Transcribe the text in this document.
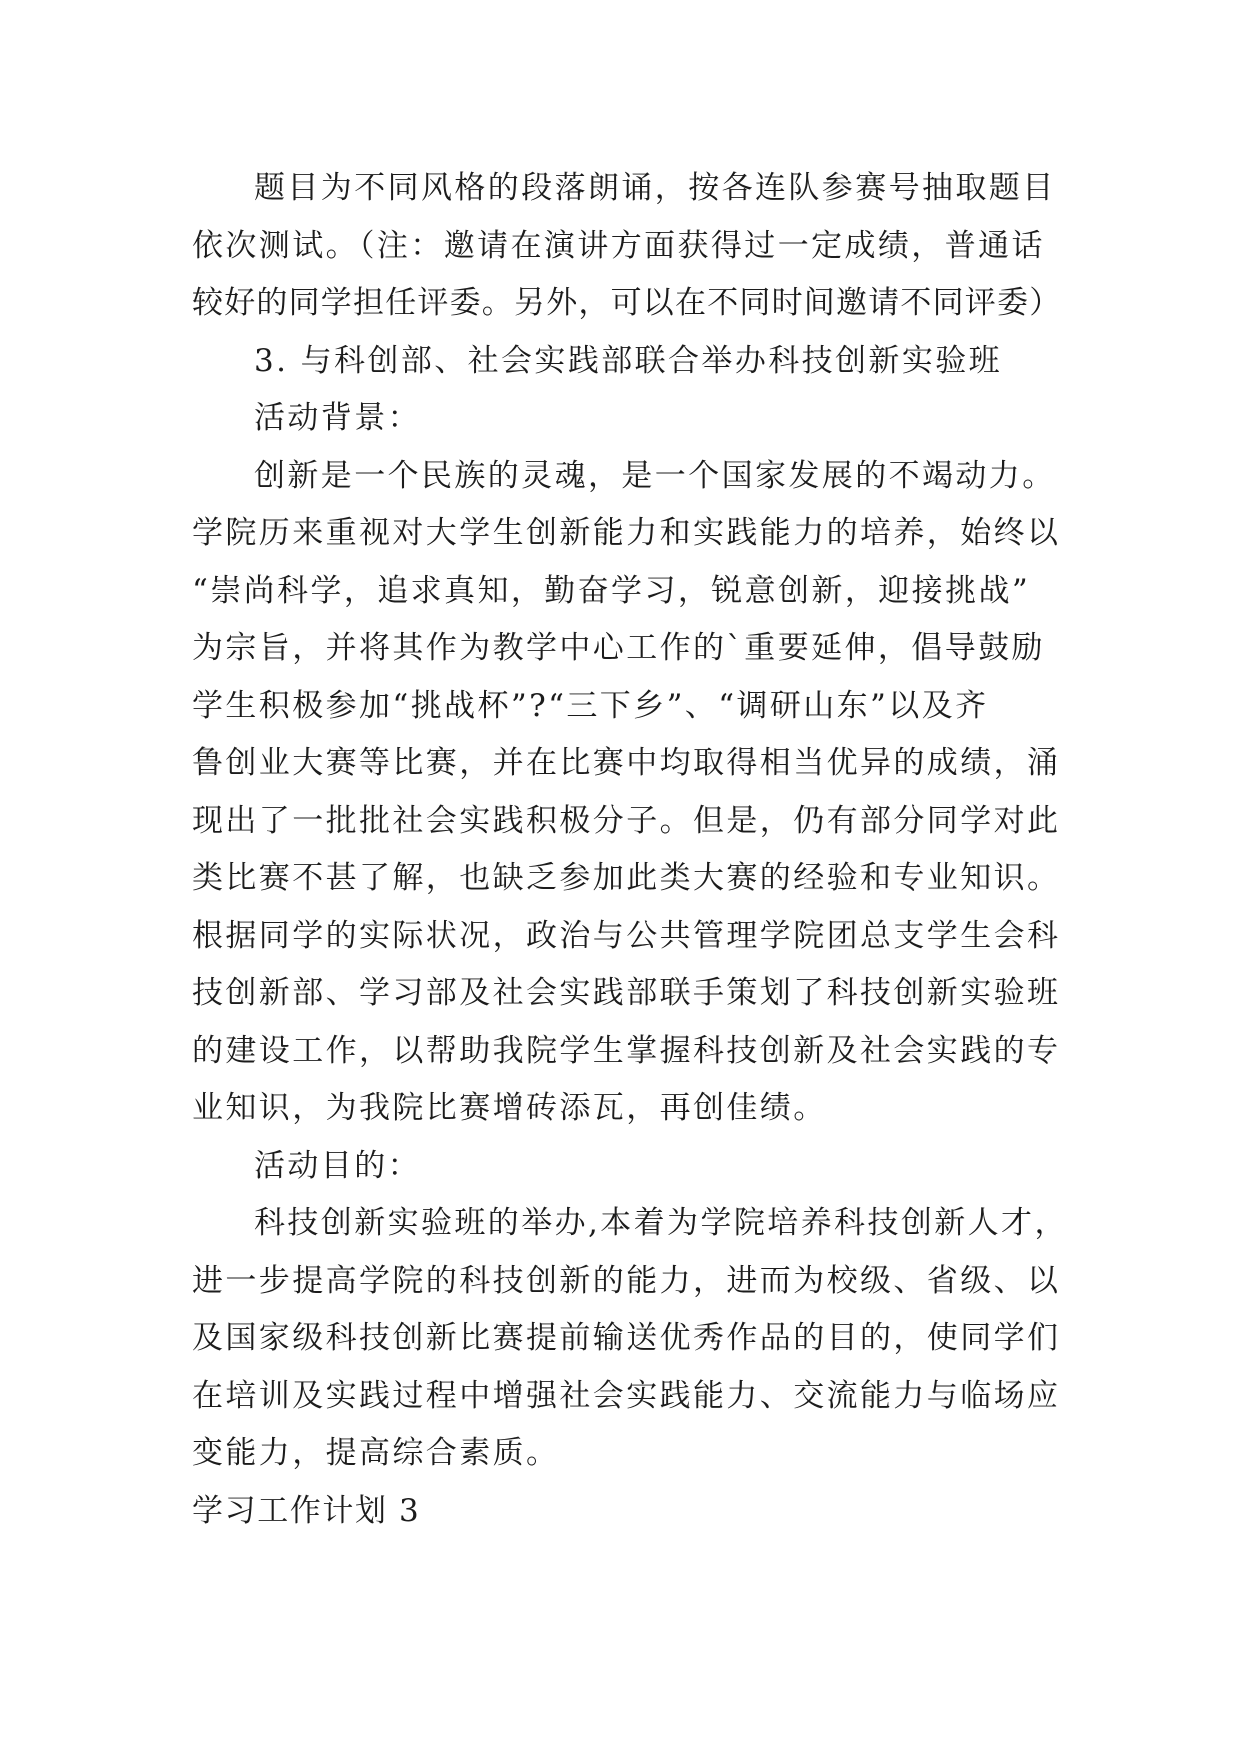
题目为不同风格的段落朗诵，按各连队参赛号抽取题目
依次测试。（注：邀请在演讲方面获得过一定成绩，普通话
较好的同学担任评委。另外，可以在不同时间邀请不同评委）
3. 与科创部、社会实践部联合举办科技创新实验班
活动背景：
创新是一个民族的灵魂，是一个国家发展的不竭动力。
学院历来重视对大学生创新能力和实践能力的培养，始终以
“崇尚科学，追求真知，勤奋学习，锐意创新，迎接挑战”
为宗旨，并将其作为教学中心工作的`重要延伸，倡导鼓励
学生积极参加“挑战杯”?“三下乡”、“调研山东”以及齐
鲁创业大赛等比赛，并在比赛中均取得相当优异的成绩，涌
现出了一批批社会实践积极分子。但是，仍有部分同学对此
类比赛不甚了解，也缺乏参加此类大赛的经验和专业知识。
根据同学的实际状况，政治与公共管理学院团总支学生会科
技创新部、学习部及社会实践部联手策划了科技创新实验班
的建设工作，以帮助我院学生掌握科技创新及社会实践的专
业知识，为我院比赛增砖添瓦，再创佳绩。
活动目的：
科技创新实验班的举办,本着为学院培养科技创新人才，
进一步提高学院的科技创新的能力，进而为校级、省级、以
及国家级科技创新比赛提前输送优秀作品的目的，使同学们
在培训及实践过程中增强社会实践能力、交流能力与临场应
变能力，提高综合素质。
学习工作计划 3
